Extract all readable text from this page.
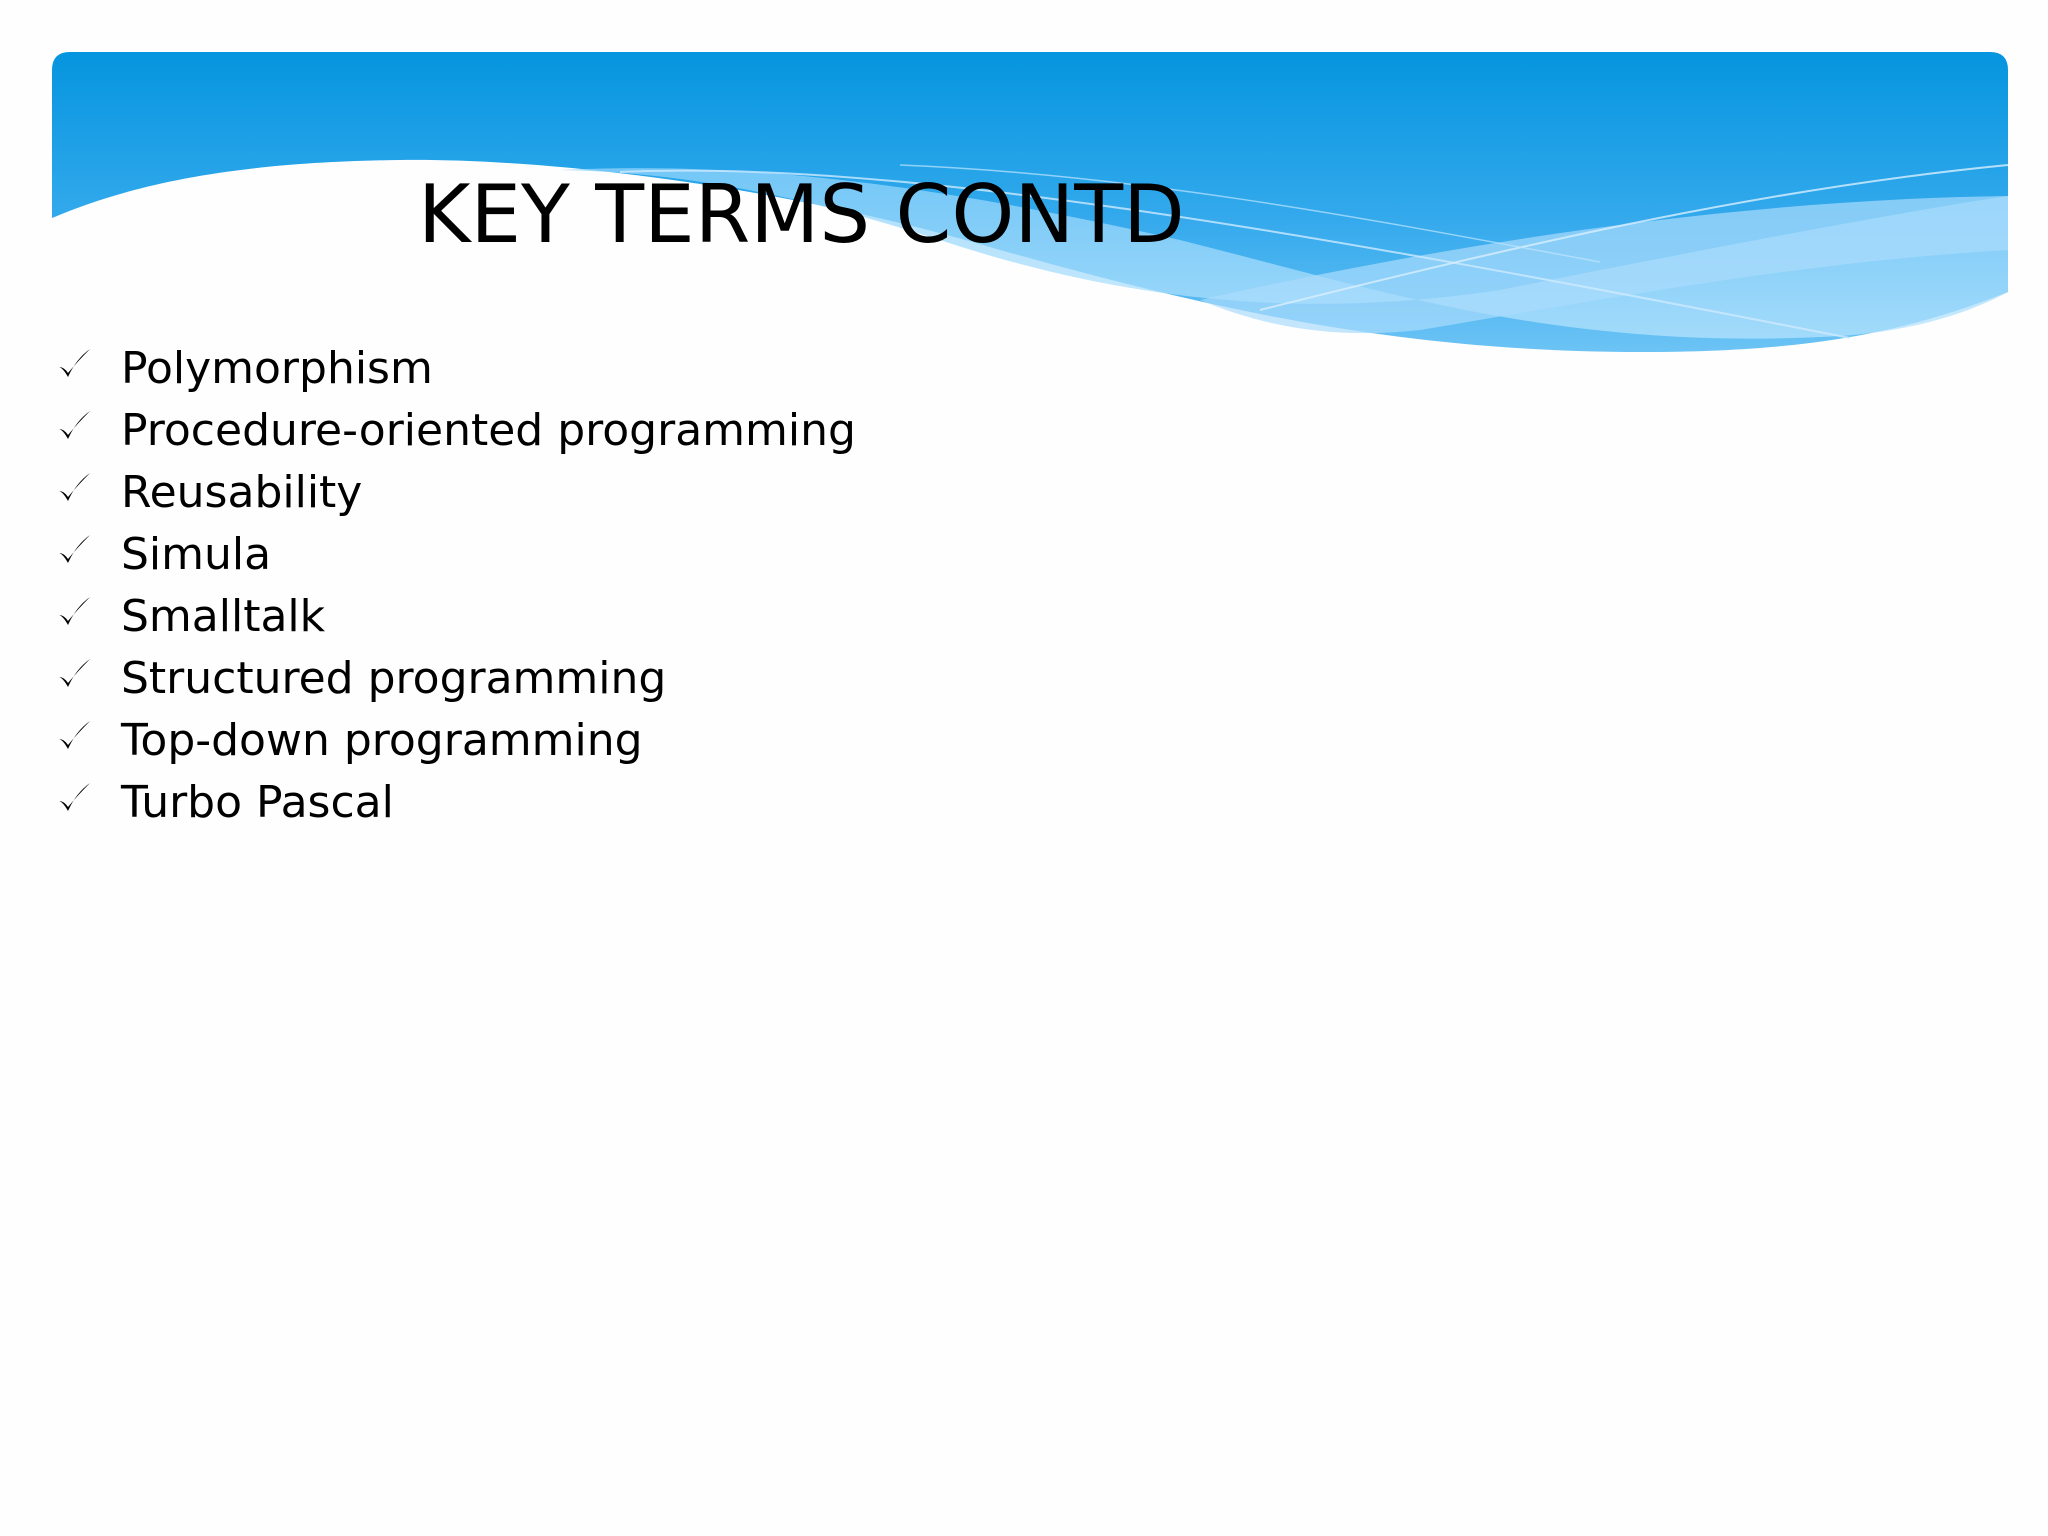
KEY TERMS CONTD
Polymorphism
Procedure-oriented programming
Reusability
Simula
Smalltalk
Structured programming
Top-down programming
Turbo Pascal
